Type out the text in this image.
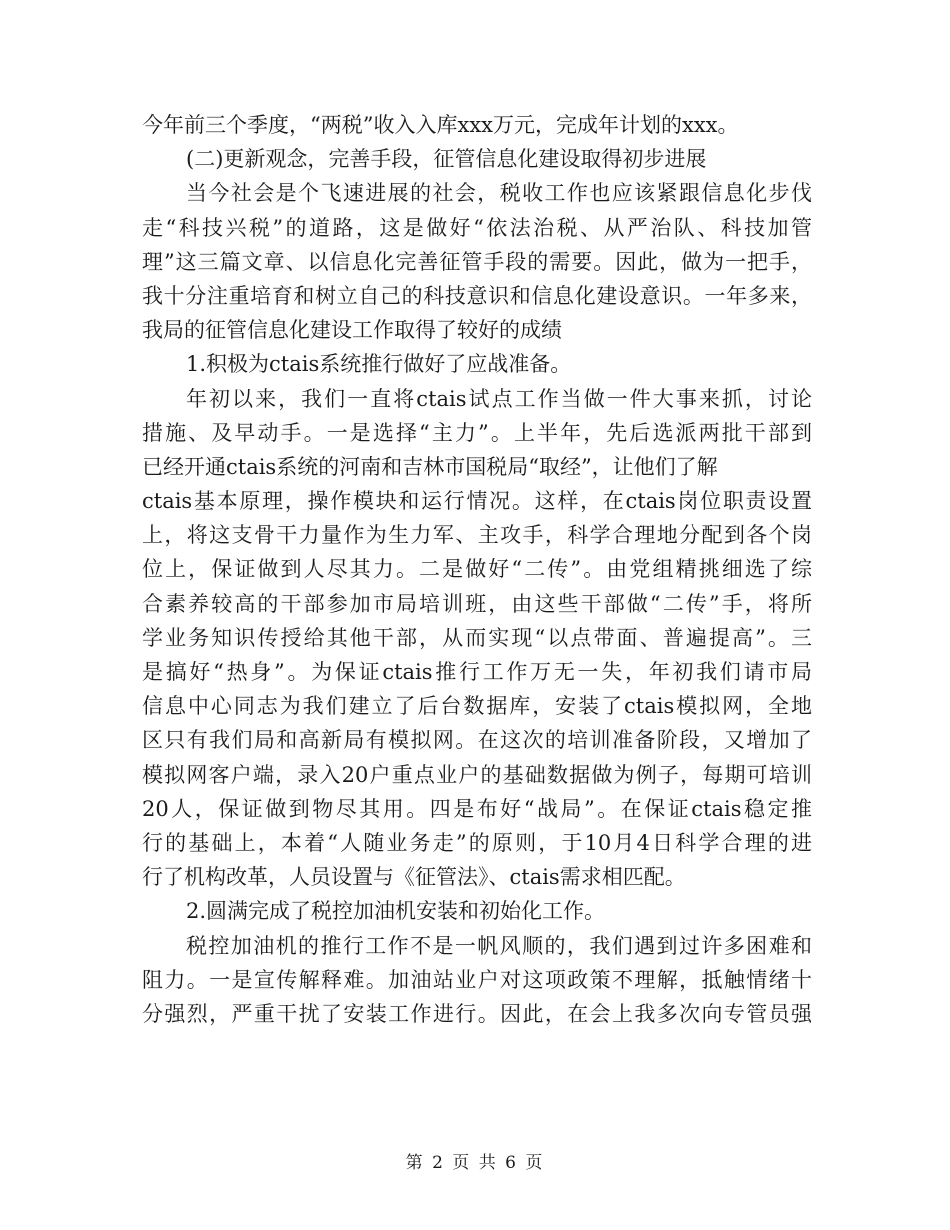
今年前三个季度，“两税”收入入库xxx万元，完成年计划的xxx。
(二)更新观念，完善手段，征管信息化建设取得初步进展
当今社会是个飞速进展的社会，税收工作也应该紧跟信息化步伐
走“科技兴税”的道路，这是做好“依法治税、从严治队、科技加管
理”这三篇文章、以信息化完善征管手段的需要。因此，做为一把手，
我十分注重培育和树立自己的科技意识和信息化建设意识。一年多来，
我局的征管信息化建设工作取得了较好的成绩
1.积极为ctais系统推行做好了应战准备。
年初以来，我们一直将ctais试点工作当做一件大事来抓，讨论
措施、及早动手。一是选择“主力”。上半年，先后选派两批干部到
已经开通ctais系统的河南和吉林市国税局“取经”，让他们了解
ctais基本原理，操作模块和运行情况。这样，在ctais岗位职责设置
上，将这支骨干力量作为生力军、主攻手，科学合理地分配到各个岗
位上，保证做到人尽其力。二是做好“二传”。由党组精挑细选了综
合素养较高的干部参加市局培训班，由这些干部做“二传”手，将所
学业务知识传授给其他干部，从而实现“以点带面、普遍提高”。三
是搞好“热身”。为保证ctais推行工作万无一失，年初我们请市局
信息中心同志为我们建立了后台数据库，安装了ctais模拟网，全地
区只有我们局和高新局有模拟网。在这次的培训准备阶段，又增加了
模拟网客户端，录入20户重点业户的基础数据做为例子，每期可培训
20人，保证做到物尽其用。四是布好“战局”。在保证ctais稳定推
行的基础上，本着“人随业务走”的原则，于10月4日科学合理的进
行了机构改革，人员设置与《征管法》、ctais需求相匹配。
2.圆满完成了税控加油机安装和初始化工作。
税控加油机的推行工作不是一帆风顺的，我们遇到过许多困难和
阻力。一是宣传解释难。加油站业户对这项政策不理解，抵触情绪十
分强烈，严重干扰了安装工作进行。因此，在会上我多次向专管员强
第 2 页 共 6 页
